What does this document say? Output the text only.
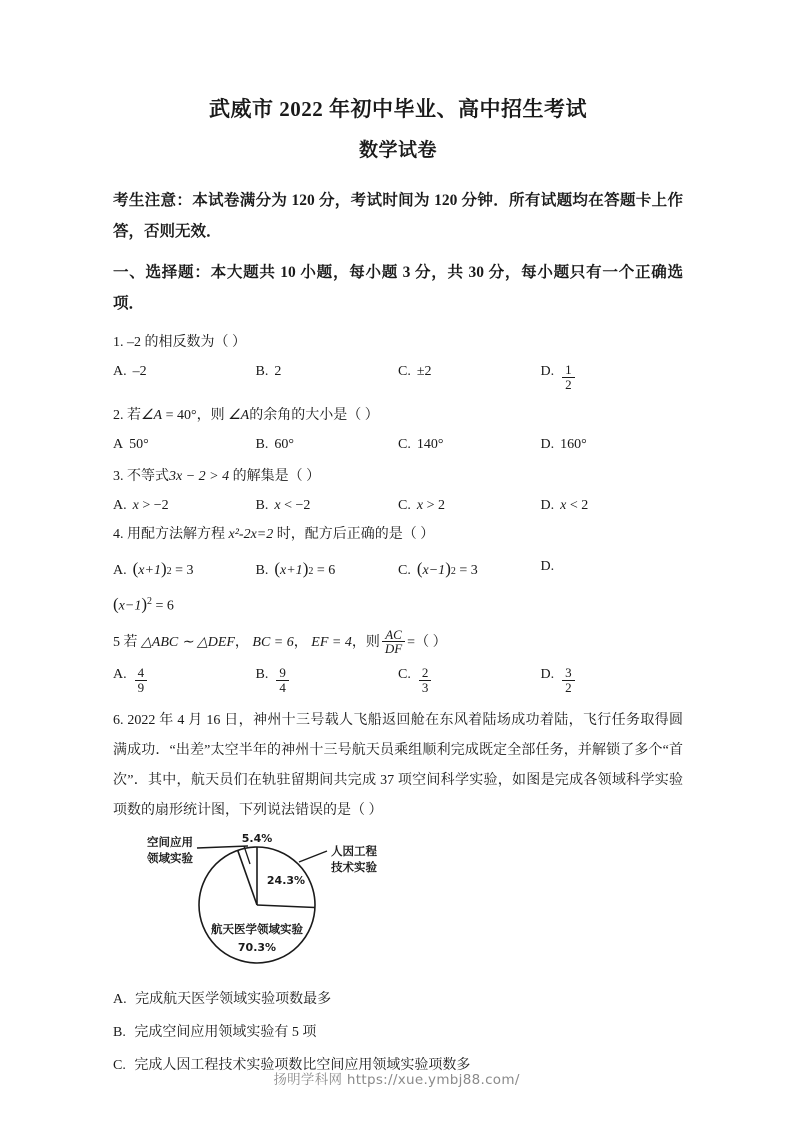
武威市 2022 年初中毕业、高中招生考试
数学试卷

考生注意：本试卷满分为 120 分，考试时间为 120 分钟．所有试题均在答题卡上作答，否则无效．

一、选择题：本大题共 10 小题，每小题 3 分，共 30 分，每小题只有一个正确选项．

1. –2 的相反数为（ ）

A. –2	B. 2	C. ±2	D. $\frac{1}{2}$

2. 若∠A = 40°，则 ∠A的余角的大小是（ ）

A 50°	B. 60°	C. 140°	D. 160°

3. 不等式3x − 2 > 4 的解集是（ ）

A. x
> −2	B. x
< −2	C. x
> 2	D. x
< 2

4. 用配方法解方程 x²-2x=2 时，配方后正确的是（ ）

A. ( x+1 ) 2
= 3	B. ( x+1 ) 2
= 6	C. ( x−1 ) 2
= 3	D.
$(x-1)^2 = 6$

5 若 △ABC ∼ △DEF， BC = 6， EF = 4，则 $\frac{AC}{DF}$ =（ ）

A. $\frac{4}{9}$	B. $\frac{9}{4}$	C. $\frac{2}{3}$	D. $\frac{3}{2}$

6. 2022 年 4 月 16 日，神州十三号载人飞船返回舱在东风着陆场成功着陆，飞行任务取得圆满成功．“出差”太空半年的神州十三号航天员乘组顺利完成既定全部任务，并解锁了多个“首次”．其中，航天员们在轨驻留期间共完成 37 项空间科学实验，如图是完成各领域科学实验项数的扇形统计图，下列说法错误的是（ ）

空间应用
领域实验	人因工程
技术实验
5.4%
24.3%
航天医学领域实验
70.3%
A. 完成航天医学领域实验项数最多
B. 完成空间应用领域实验有 5 项
C. 完成人因工程技术实验项数比空间应用领域实验项数多
扬明学科网 https://xue.ymbj88.com/
